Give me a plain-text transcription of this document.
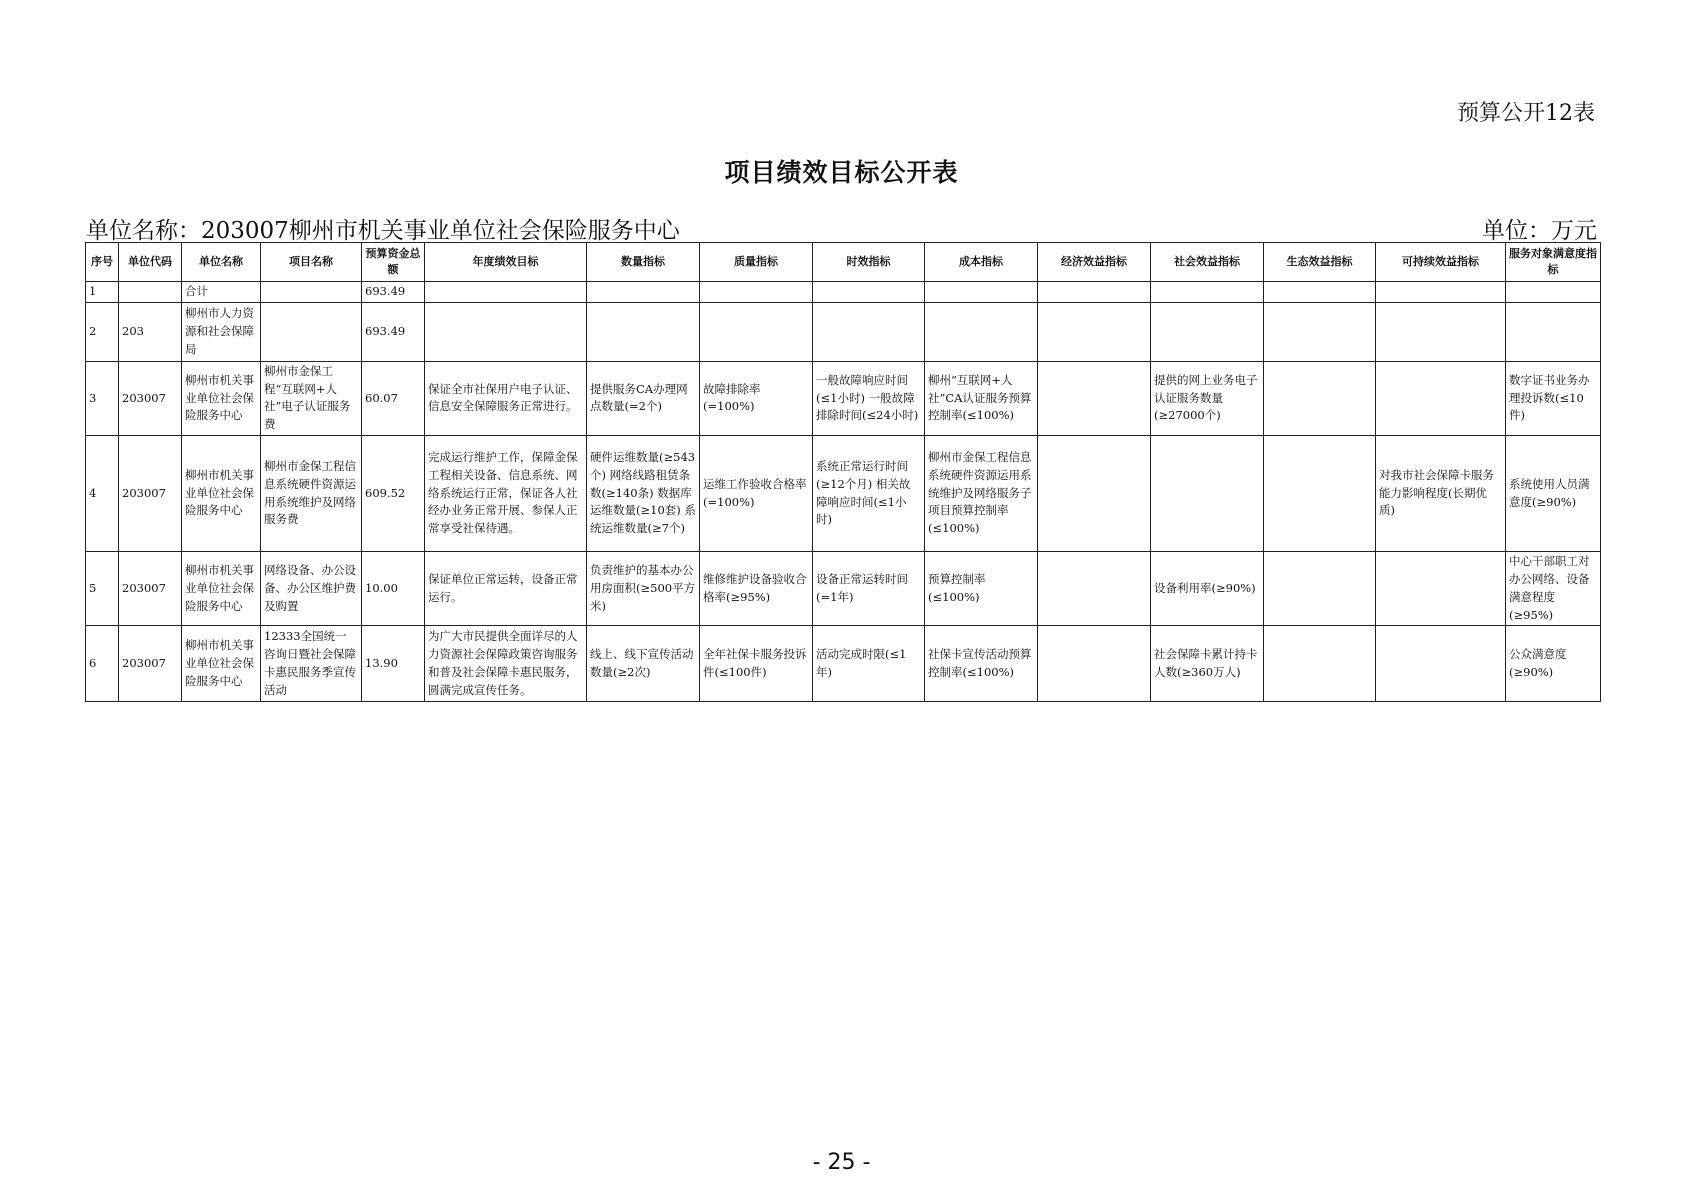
预算公开12表
项目绩效目标公开表
单位名称：203007柳州市机关事业单位社会保险服务中心	单位：万元
序号	单位代码	单位名称	项目名称	预算资金总额	年度绩效目标	数量指标	质量指标	时效指标	成本指标	经济效益指标	社会效益指标	生态效益指标	可持续效益指标	服务对象满意度指标
1		合计		693.49										
2	203	柳州市人力资源和社会保障局		693.49										
3	203007	柳州市机关事业单位社会保险服务中心	柳州市金保工程“互联网+人社”电子认证服务费	60.07	保证全市社保用户电子认证、信息安全保障服务正常进行。	提供服务CA办理网点数量(=2个)	故障排除率(=100%)	一般故障响应时间(≤1小时) 一般故障排除时间(≤24小时)	柳州“互联网+人社”CA认证服务预算控制率(≤100%)		提供的网上业务电子认证服务数量(≥27000个)			数字证书业务办理投诉数(≤10件)
4	203007	柳州市机关事业单位社会保险服务中心	柳州市金保工程信息系统硬件资源运用系统维护及网络服务费	609.52	完成运行维护工作，保障金保工程相关设备、信息系统、网络系统运行正常，保证各人社经办业务正常开展、参保人正常享受社保待遇。	硬件运维数量(≥543个) 网络线路租赁条数(≥140条) 数据库运维数量(≥10套) 系统运维数量(≥7个)	运维工作验收合格率(=100%)	系统正常运行时间(≥12个月) 相关故障响应时间(≤1小时)	柳州市金保工程信息系统硬件资源运用系统维护及网络服务子项目预算控制率(≤100%)				对我市社会保障卡服务能力影响程度(长期优质)	系统使用人员满意度(≥90%)
5	203007	柳州市机关事业单位社会保险服务中心	网络设备、办公设备、办公区维护费及购置	10.00	保证单位正常运转，设备正常运行。	负责维护的基本办公用房面积(≥500平方米)	维修维护设备验收合格率(≥95%)	设备正常运转时间(=1年)	预算控制率(≤100%)		设备利用率(≥90%)			中心干部职工对办公网络、设备满意程度(≥95%)
6	203007	柳州市机关事业单位社会保险服务中心	12333全国统一咨询日暨社会保障卡惠民服务季宣传活动	13.90	为广大市民提供全面详尽的人力资源社会保障政策咨询服务和普及社会保障卡惠民服务，圆满完成宣传任务。	线上、线下宣传活动数量(≥2次)	全年社保卡服务投诉件(≤100件)	活动完成时限(≤1年)	社保卡宣传活动预算控制率(≤100%)		社会保障卡累计持卡人数(≥360万人)			公众满意度(≥90%)
- 25 -
